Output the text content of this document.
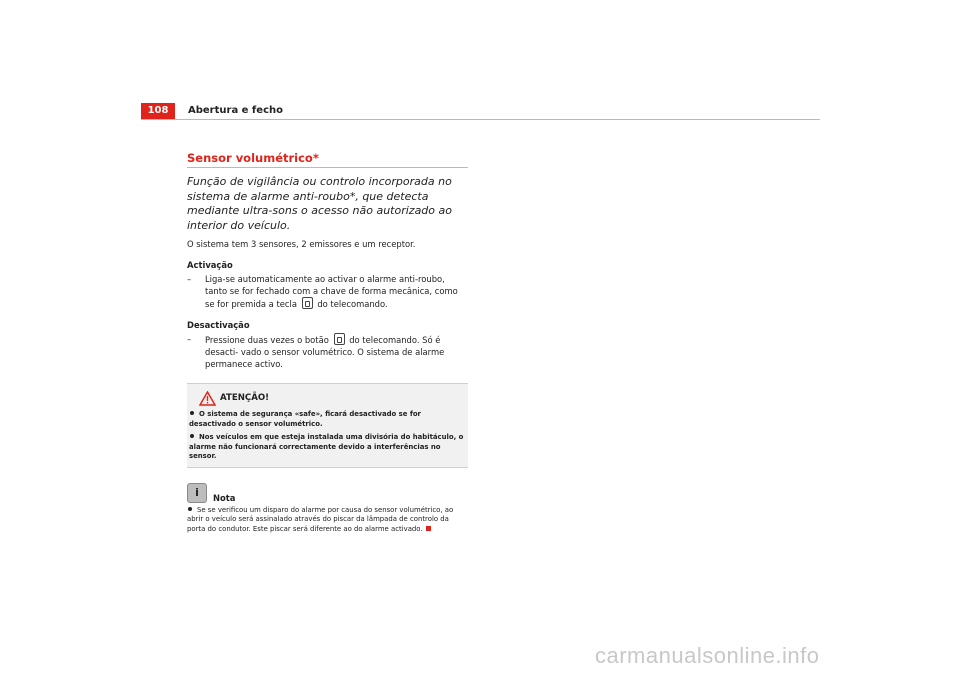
108	Abertura e fecho
Sensor volumétrico*

Função de vigilância ou controlo incorporada no sistema de alarme anti-roubo*, que detecta mediante ultra-sons o acesso não autorizado ao interior do veículo.

O sistema tem 3 sensores, 2 emissores e um receptor.

Activação

– Liga-se automaticamente ao activar o alarme anti-roubo, tanto se for fechado com a chave de forma mecânica, como se for premida a tecla do telecomando.

Desactivação

– Pressione duas vezes o botão do telecomando. Só é desacti- vado o sensor volumétrico. O sistema de alarme permanece activo.

ATENÇÃO!

O sistema de segurança «safe», ficará desactivado se for desactivado o sensor volumétrico.

Nos veículos em que esteja instalada uma divisória do habitáculo, o alarme não funcionará correctamente devido a interferências no sensor.

i	Nota

Se se verificou um disparo do alarme por causa do sensor volumétrico, ao abrir o veículo será assinalado através do piscar da lâmpada de controlo da porta do condutor. Este piscar será diferente ao do alarme activado.

carmanualsonline.info
